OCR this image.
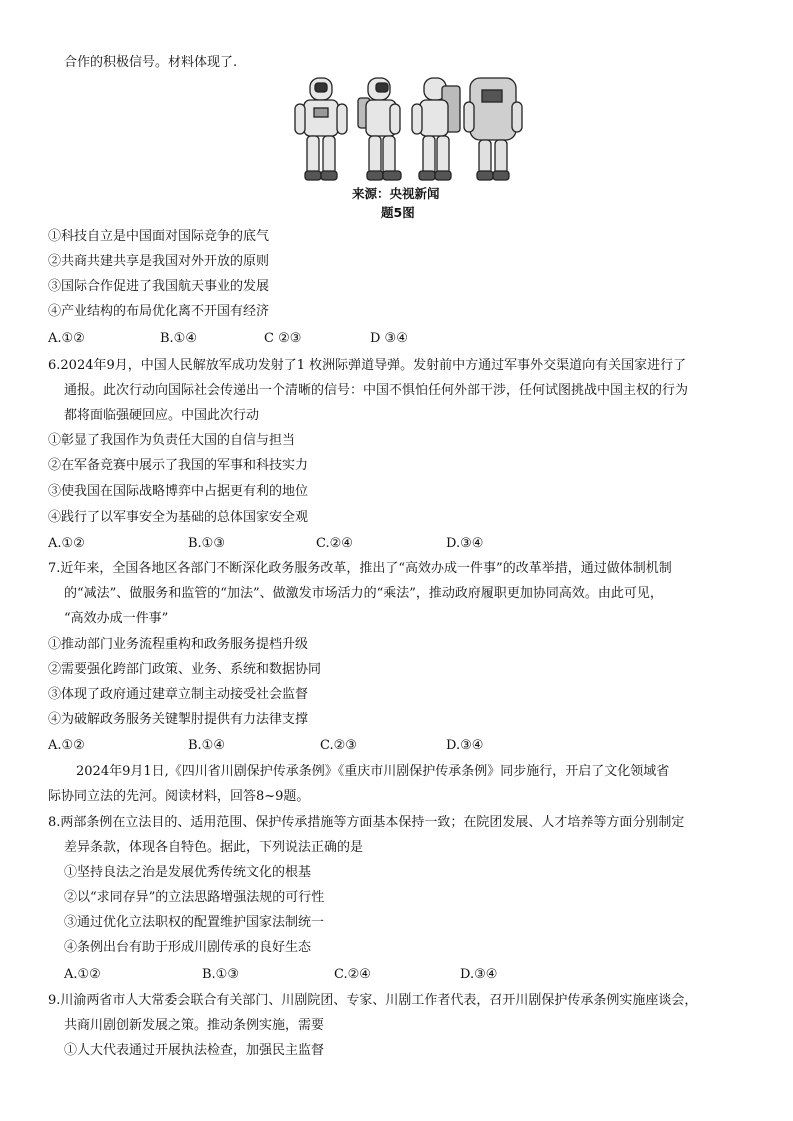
合作的积极信号。材料体现了.
来源：央视新闻
题5图
①科技自立是中国面对国际竞争的底气
②共商共建共享是我国对外开放的原则
③国际合作促进了我国航天事业的发展
④产业结构的布局优化离不开国有经济
A.①②	B.①④	C ②③	D ③④
6.2024年9月，中国人民解放军成功发射了1 枚洲际弹道导弹。发射前中方通过军事外交渠道向有关国家进行了
通报。此次行动向国际社会传递出一个清晰的信号：中国不惧怕任何外部干涉，任何试图挑战中国主权的行为
都将面临强硬回应。中国此次行动
①彰显了我国作为负责任大国的自信与担当
②在军备竞赛中展示了我国的军事和科技实力
③使我国在国际战略博弈中占据更有利的地位
④践行了以军事安全为基础的总体国家安全观
A.①②	B.①③	C.②④	D.③④
7.近年来，全国各地区各部门不断深化政务服务改革，推出了“高效办成一件事”的改革举措，通过做体制机制
的“减法”、做服务和监管的“加法”、做激发市场活力的“乘法”，推动政府履职更加协同高效。由此可见，
“高效办成一件事”
①推动部门业务流程重构和政务服务提档升级
②需要强化跨部门政策、业务、系统和数据协同
③体现了政府通过建章立制主动接受社会监督
④为破解政务服务关键掣肘提供有力法律支撑
A.①②	B.①④	C.②③	D.③④
2024年9月1日,《四川省川剧保护传承条例》《重庆市川剧保护传承条例》同步施行，开启了文化领域省
际协同立法的先河。阅读材料，回答8~9题。
8.两部条例在立法目的、适用范围、保护传承措施等方面基本保持一致；在院团发展、人才培养等方面分别制定
差异条款，体现各自特色。据此，下列说法正确的是
①坚持良法之治是发展优秀传统文化的根基
②以“求同存异”的立法思路增强法规的可行性
③通过优化立法职权的配置维护国家法制统一
④条例出台有助于形成川剧传承的良好生态
A.①②	B.①③	C.②④	D.③④
9.川渝两省市人大常委会联合有关部门、川剧院团、专家、川剧工作者代表，召开川剧保护传承条例实施座谈会，
共商川剧创新发展之策。推动条例实施，需要
①人大代表通过开展执法检查，加强民主监督
